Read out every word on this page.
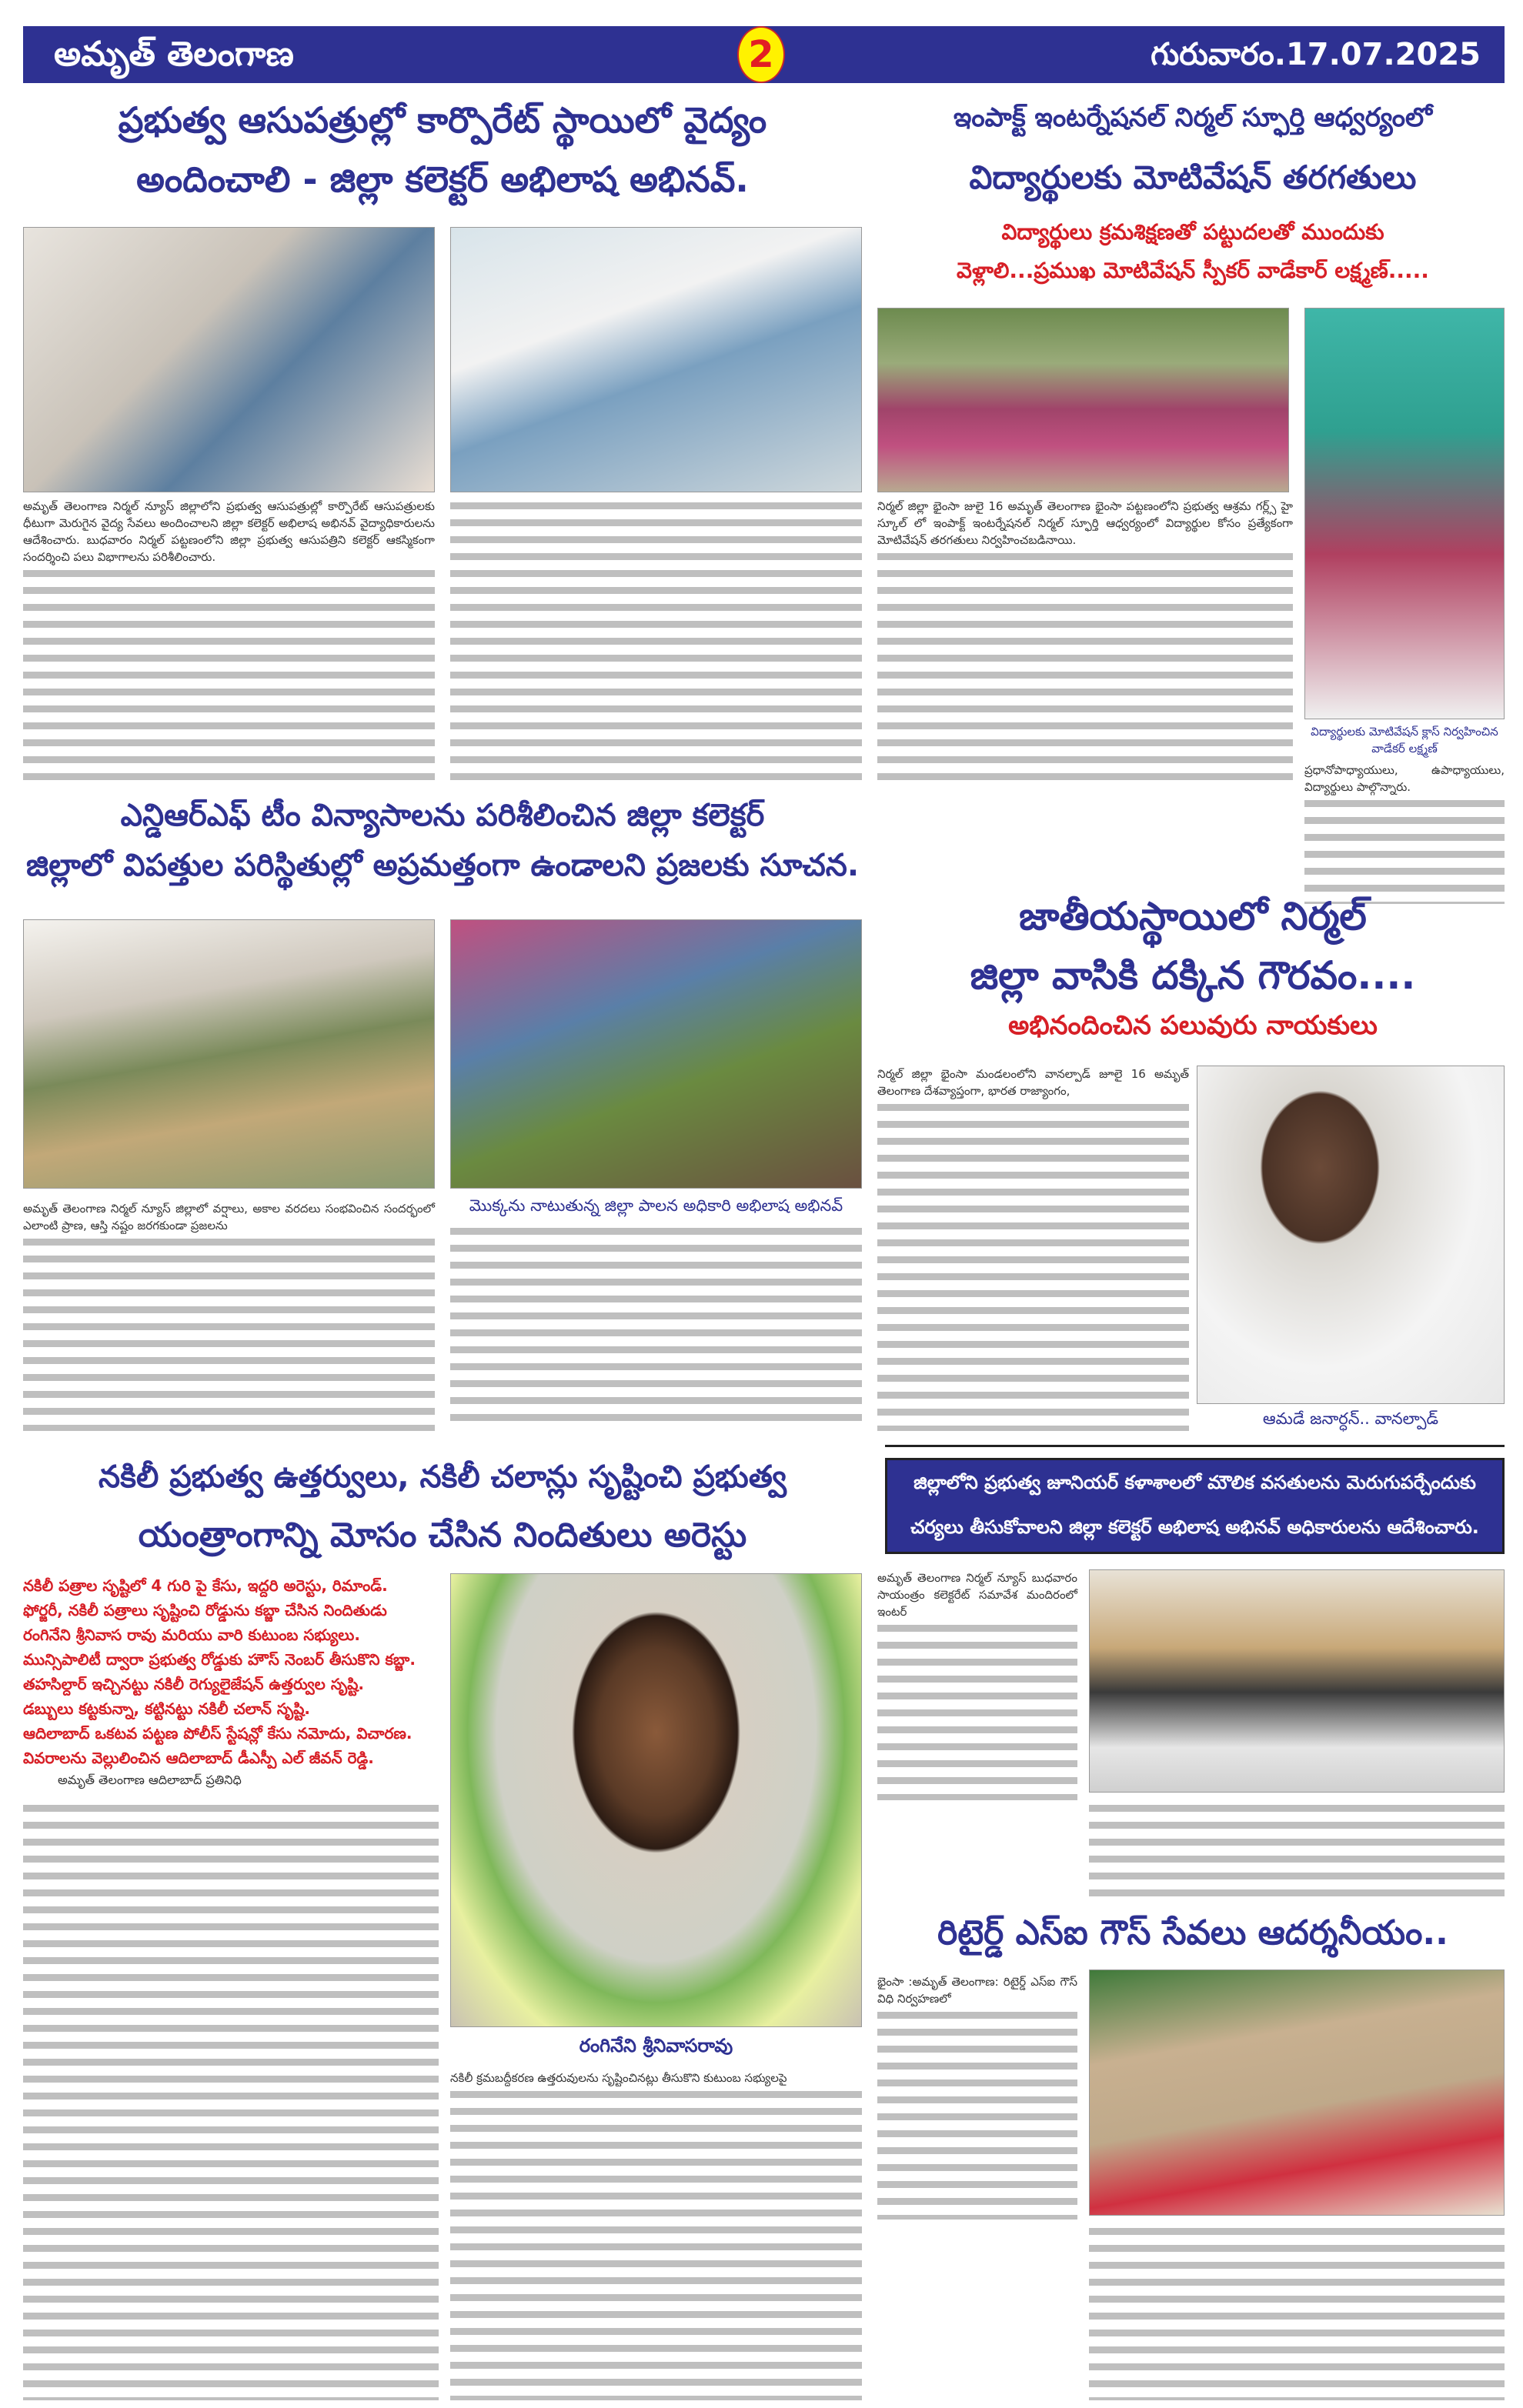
అమృత్ తెలంగాణ	2	గురువారం.17.07.2025
ప్రభుత్వ ఆసుపత్రుల్లో కార్పొరేట్ స్థాయిలో వైద్యం
అందించాలి - జిల్లా కలెక్టర్ అభిలాష అభినవ్.
అమృత్ తెలంగాణ నిర్మల్ న్యూస్ జిల్లాలోని ప్రభుత్వ ఆసుపత్రుల్లో కార్పొరేట్ ఆసుపత్రులకు ధీటుగా మెరుగైన వైద్య సేవలు అందించాలని జిల్లా కలెక్టర్ అభిలాష అభినవ్ వైద్యాధికారులను ఆదేశించారు. బుధవారం నిర్మల్ పట్టణంలోని జిల్లా ప్రభుత్వ ఆసుపత్రిని కలెక్టర్ ఆకస్మికంగా సందర్శించి పలు విభాగాలను పరిశీలించారు.
ఇంపాక్ట్ ఇంటర్నేషనల్ నిర్మల్ స్ఫూర్తి ఆధ్వర్యంలో
విద్యార్థులకు మోటివేషన్ తరగతులు
విద్యార్థులు క్రమశిక్షణతో పట్టుదలతో ముందుకు
వెళ్లాలి...ప్రముఖ మోటివేషన్ స్పీకర్ వాడేకార్ లక్ష్మణ్.....
విద్యార్థులకు మోటివేషన్ క్లాస్ నిర్వహించిన వాడేకర్ లక్ష్మణ్
ప్రధానోపాధ్యాయులు, ఉపాధ్యాయులు, విద్యార్థులు పాల్గొన్నారు.
నిర్మల్ జిల్లా భైంసా జులై 16 అమృత్ తెలంగాణ భైంసా పట్టణంలోని ప్రభుత్వ ఆశ్రమ గర్ల్స్ హై స్కూల్ లో ఇంపాక్ట్ ఇంటర్నేషనల్ నిర్మల్ స్ఫూర్తి ఆధ్వర్యంలో విద్యార్థుల కోసం ప్రత్యేకంగా మోటివేషన్ తరగతులు నిర్వహించబడినాయి.
ఎన్డిఆర్ఎఫ్ టీం విన్యాసాలను పరిశీలించిన జిల్లా కలెక్టర్
జిల్లాలో విపత్తుల పరిస్థితుల్లో అప్రమత్తంగా ఉండాలని ప్రజలకు సూచన.
మొక్కను నాటుతున్న జిల్లా పాలన అధికారి అభిలాష అభినవ్
అమృత్ తెలంగాణ నిర్మల్ న్యూస్ జిల్లాలో వర్షాలు, అకాల వరదలు సంభవించిన సందర్భంలో ఎలాంటి ప్రాణ, ఆస్తి నష్టం జరగకుండా ప్రజలను
జాతీయస్థాయిలో నిర్మల్
జిల్లా వాసికి దక్కిన గౌరవం....
అభినందించిన పలువురు నాయకులు
నిర్మల్ జిల్లా భైంసా మండలంలోని వానల్పాడ్ జూలై 16 అమృత్ తెలంగాణ దేశవ్యాప్తంగా, భారత రాజ్యాంగం,
ఆమడే జనార్ధన్.. వానల్పాడ్
నకిలీ ప్రభుత్వ ఉత్తర్వులు, నకిలీ చలాన్లు సృష్టించి ప్రభుత్వ
యంత్రాంగాన్ని మోసం చేసిన నిందితులు అరెస్టు
నకిలీ పత్రాల సృష్టిలో 4 గురి పై కేసు, ఇద్దరి అరెస్టు, రిమాండ్.
ఫోర్జరీ, నకిలీ పత్రాలు సృష్టించి రోడ్డును కబ్జా చేసిన నిందితుడు
రంగినేని శ్రీనివాస రావు మరియు వారి కుటుంబ సభ్యులు.
మున్సిపాలిటీ ద్వారా ప్రభుత్వ రోడ్డుకు హౌస్ నెంబర్ తీసుకొని కబ్జా.
తహసిల్దార్ ఇచ్చినట్టు నకిలీ రెగ్యులైజేషన్ ఉత్తర్వుల సృష్టి.
డబ్బులు కట్టకున్నా, కట్టినట్టు నకిలీ చలాన్ సృష్టి.
ఆదిలాబాద్ ఒకటవ పట్టణ పోలీస్ స్టేషన్లో కేసు నమోదు, విచారణ.
వివరాలను వెల్లులించిన ఆదిలాబాద్ డీఎస్పీ ఎల్ జీవన్ రెడ్డి.
అమృత్ తెలంగాణ ఆదిలాబాద్ ప్రతినిధి
రంగినేని శ్రీనివాసరావు
నకిలీ క్రమబద్ధీకరణ ఉత్తరువులను సృష్టించినట్లు తీసుకొని కుటుంబ సభ్యులపై
జిల్లాలోని ప్రభుత్వ జూనియర్ కళాశాలలో మౌలిక వసతులను మెరుగుపర్చేందుకు
చర్యలు తీసుకోవాలని జిల్లా కలెక్టర్ అభిలాష అభినవ్ అధికారులను ఆదేశించారు.
అమృత్ తెలంగాణ నిర్మల్ న్యూస్ బుధవారం సాయంత్రం కలెక్టరేట్ సమావేశ మందిరంలో ఇంటర్
రిటైర్డ్ ఎస్ఐ గౌస్ సేవలు ఆదర్శనీయం..
భైంసా :అమృత్ తెలంగాణ: రిటైర్డ్ ఎస్ఐ గౌస్ విధి నిర్వహణలో
